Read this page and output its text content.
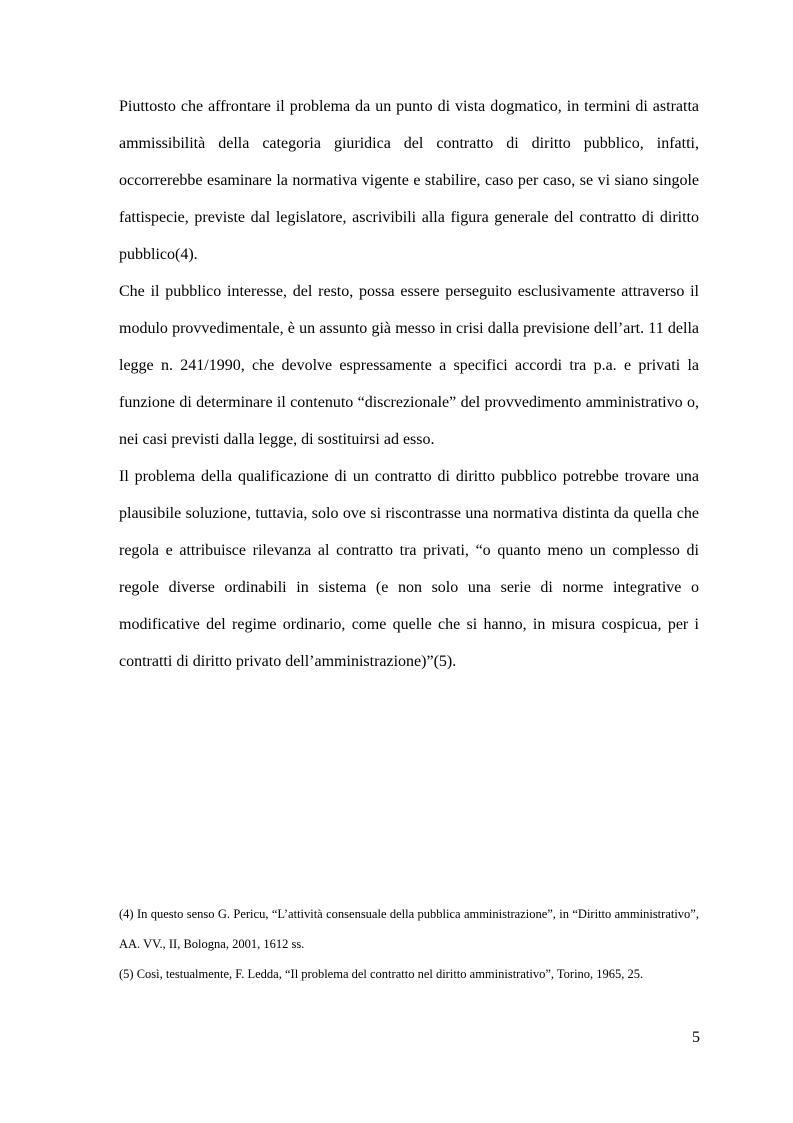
Piuttosto che affrontare il problema da un punto di vista dogmatico, in termini di astratta ammissibilità della categoria giuridica del contratto di diritto pubblico, infatti, occorrerebbe esaminare la normativa vigente e stabilire, caso per caso, se vi siano singole fattispecie, previste dal legislatore, ascrivibili alla figura generale del contratto di diritto pubblico(4).

Che il pubblico interesse, del resto, possa essere perseguito esclusivamente attraverso il modulo provvedimentale, è un assunto già messo in crisi dalla previsione dell’art. 11 della legge n. 241/1990, che devolve espressamente a specifici accordi tra p.a. e privati la funzione di determinare il contenuto “discrezionale” del provvedimento amministrativo o, nei casi previsti dalla legge, di sostituirsi ad esso.

Il problema della qualificazione di un contratto di diritto pubblico potrebbe trovare una plausibile soluzione, tuttavia, solo ove si riscontrasse una normativa distinta da quella che regola e attribuisce rilevanza al contratto tra privati, “o quanto meno un complesso di regole diverse ordinabili in sistema (e non solo una serie di norme integrative o modificative del regime ordinario, come quelle che si hanno, in misura cospicua, per i contratti di diritto privato dell’amministrazione)”(5).

(4) In questo senso G. Pericu, “L’attività consensuale della pubblica amministrazione”, in “Diritto amministrativo”, AA. VV., II, Bologna, 2001, 1612 ss.

(5) Così, testualmente, F. Ledda, “Il problema del contratto nel diritto amministrativo”, Torino, 1965, 25.

5
